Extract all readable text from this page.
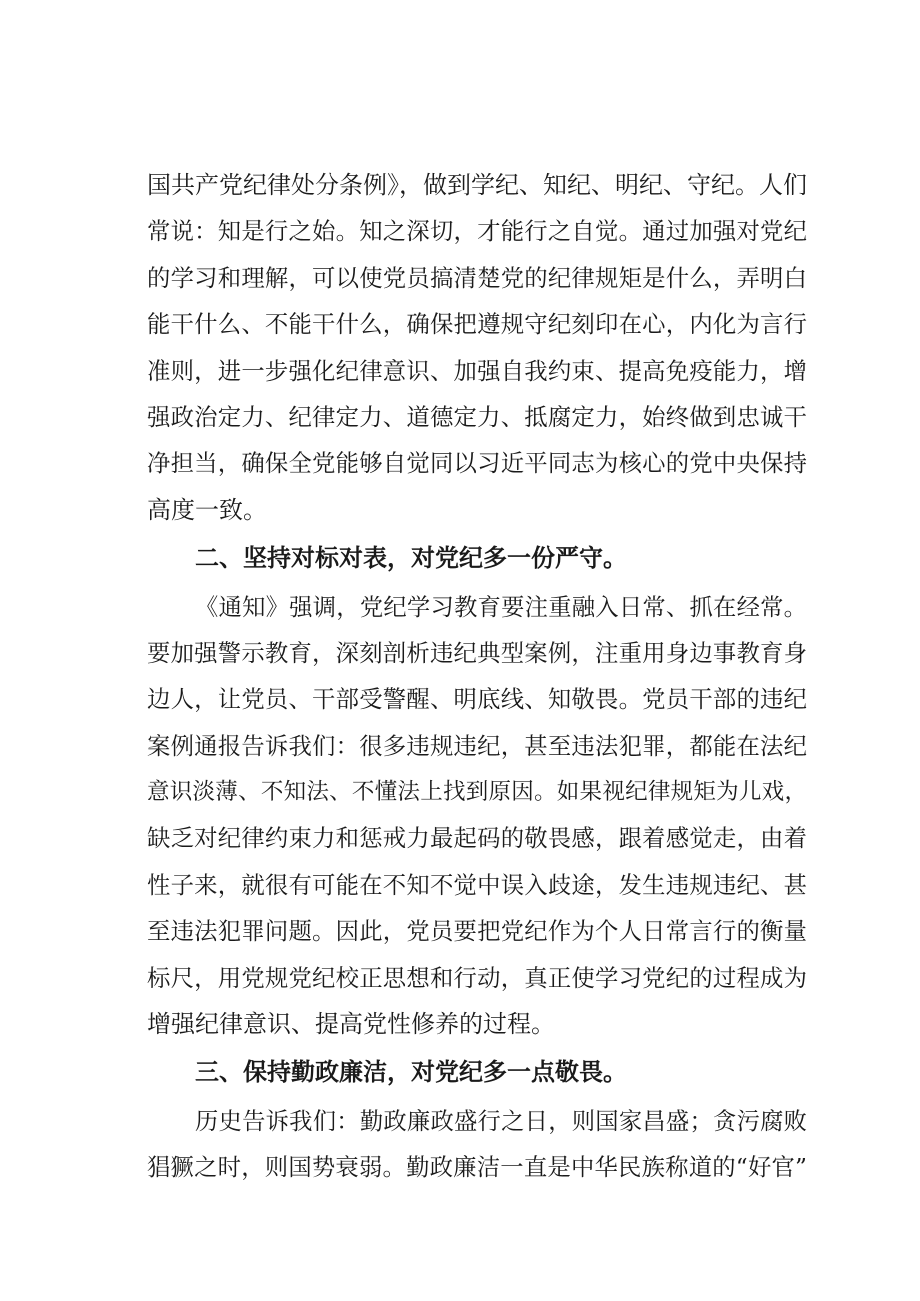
国共产党纪律处分条例》，做到学纪、知纪、明纪、守纪。人们
常说：知是行之始。知之深切，才能行之自觉。通过加强对党纪
的学习和理解，可以使党员搞清楚党的纪律规矩是什么，弄明白
能干什么、不能干什么，确保把遵规守纪刻印在心，内化为言行
准则，进一步强化纪律意识、加强自我约束、提高免疫能力，增
强政治定力、纪律定力、道德定力、抵腐定力，始终做到忠诚干
净担当，确保全党能够自觉同以习近平同志为核心的党中央保持
高度一致。
二、坚持对标对表，对党纪多一份严守。
《通知》强调，党纪学习教育要注重融入日常、抓在经常。
要加强警示教育，深刻剖析违纪典型案例，注重用身边事教育身
边人，让党员、干部受警醒、明底线、知敬畏。党员干部的违纪
案例通报告诉我们：很多违规违纪，甚至违法犯罪，都能在法纪
意识淡薄、不知法、不懂法上找到原因。如果视纪律规矩为儿戏，
缺乏对纪律约束力和惩戒力最起码的敬畏感，跟着感觉走，由着
性子来，就很有可能在不知不觉中误入歧途，发生违规违纪、甚
至违法犯罪问题。因此，党员要把党纪作为个人日常言行的衡量
标尺，用党规党纪校正思想和行动，真正使学习党纪的过程成为
增强纪律意识、提高党性修养的过程。
三、保持勤政廉洁，对党纪多一点敬畏。
历史告诉我们：勤政廉政盛行之日，则国家昌盛；贪污腐败
猖獗之时，则国势衰弱。勤政廉洁一直是中华民族称道的“好官”
